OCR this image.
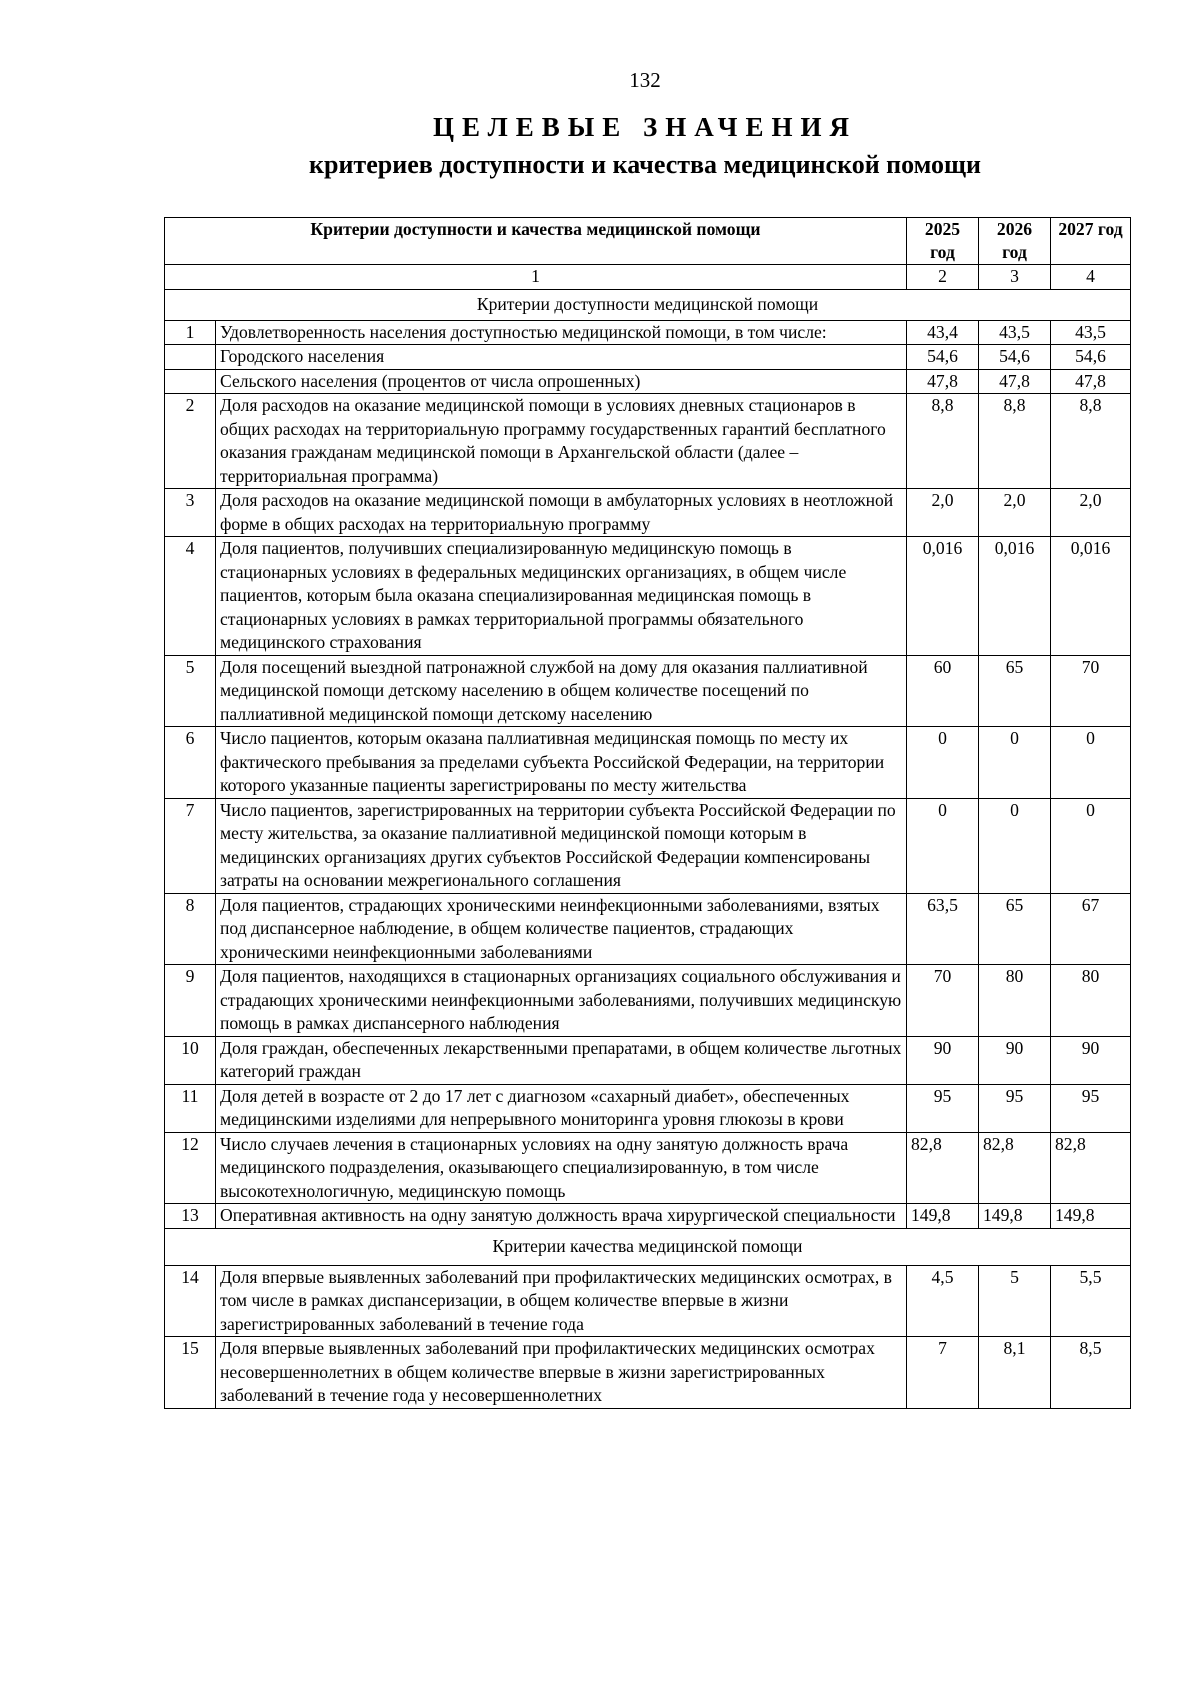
132
ЦЕЛЕВЫЕ ЗНАЧЕНИЯ
критериев доступности и качества медицинской помощи
Критерии доступности и качества медицинской помощи		2025 год	2026 год	2027 год
1		2	3	4
Критерии доступности медицинской помощи				
1	Удовлетворенность населения доступностью медицинской помощи, в том числе:	43,4	43,5	43,5
	Городского населения	54,6	54,6	54,6
	Сельского населения (процентов от числа опрошенных)	47,8	47,8	47,8
2	Доля расходов на оказание медицинской помощи в условиях дневных стационаров в общих расходах на территориальную программу государственных гарантий бесплатного оказания гражданам медицинской помощи в Архангельской области (далее – территориальная программа)	8,8	8,8	8,8
3	Доля расходов на оказание медицинской помощи в амбулаторных условиях в неотложной форме в общих расходах на территориальную программу	2,0	2,0	2,0
4	Доля пациентов, получивших специализированную медицинскую помощь в стационарных условиях в федеральных медицинских организациях, в общем числе пациентов, которым была оказана специализированная медицинская помощь в стационарных условиях в рамках территориальной программы обязательного медицинского страхования	0,016	0,016	0,016
5	Доля посещений выездной патронажной службой на дому для оказания паллиативной медицинской помощи детскому населению в общем количестве посещений по паллиативной медицинской помощи детскому населению	60	65	70
6	Число пациентов, которым оказана паллиативная медицинская помощь по месту их фактического пребывания за пределами субъекта Российской Федерации, на территории которого указанные пациенты зарегистрированы по месту жительства	0	0	0
7	Число пациентов, зарегистрированных на территории субъекта Российской Федерации по месту жительства, за оказание паллиативной медицинской помощи которым в медицинских организациях других субъектов Российской Федерации компенсированы затраты на основании межрегионального соглашения	0	0	0
8	Доля пациентов, страдающих хроническими неинфекционными заболеваниями, взятых под диспансерное наблюдение, в общем количестве пациентов, страдающих хроническими неинфекционными заболеваниями	63,5	65	67
9	Доля пациентов, находящихся в стационарных организациях социального обслуживания и страдающих хроническими неинфекционными заболеваниями, получивших медицинскую помощь в рамках диспансерного наблюдения	70	80	80
10	Доля граждан, обеспеченных лекарственными препаратами, в общем количестве льготных категорий граждан	90	90	90
11	Доля детей в возрасте от 2 до 17 лет с диагнозом «сахарный диабет», обеспеченных медицинскими изделиями для непрерывного мониторинга уровня глюкозы в крови	95	95	95
12	Число случаев лечения в стационарных условиях на одну занятую должность врача медицинского подразделения, оказывающего специализированную, в том числе высокотехнологичную, медицинскую помощь	82,8	82,8	82,8
13	Оперативная активность на одну занятую должность врача хирургической специальности	149,8	149,8	149,8
Критерии качества медицинской помощи				
14	Доля впервые выявленных заболеваний при профилактических медицинских осмотрах, в том числе в рамках диспансеризации, в общем количестве впервые в жизни зарегистрированных заболеваний в течение года	4,5	5	5,5
15	Доля впервые выявленных заболеваний при профилактических медицинских осмотрах несовершеннолетних в общем количестве впервые в жизни зарегистрированных заболеваний в течение года у несовершеннолетних	7	8,1	8,5
